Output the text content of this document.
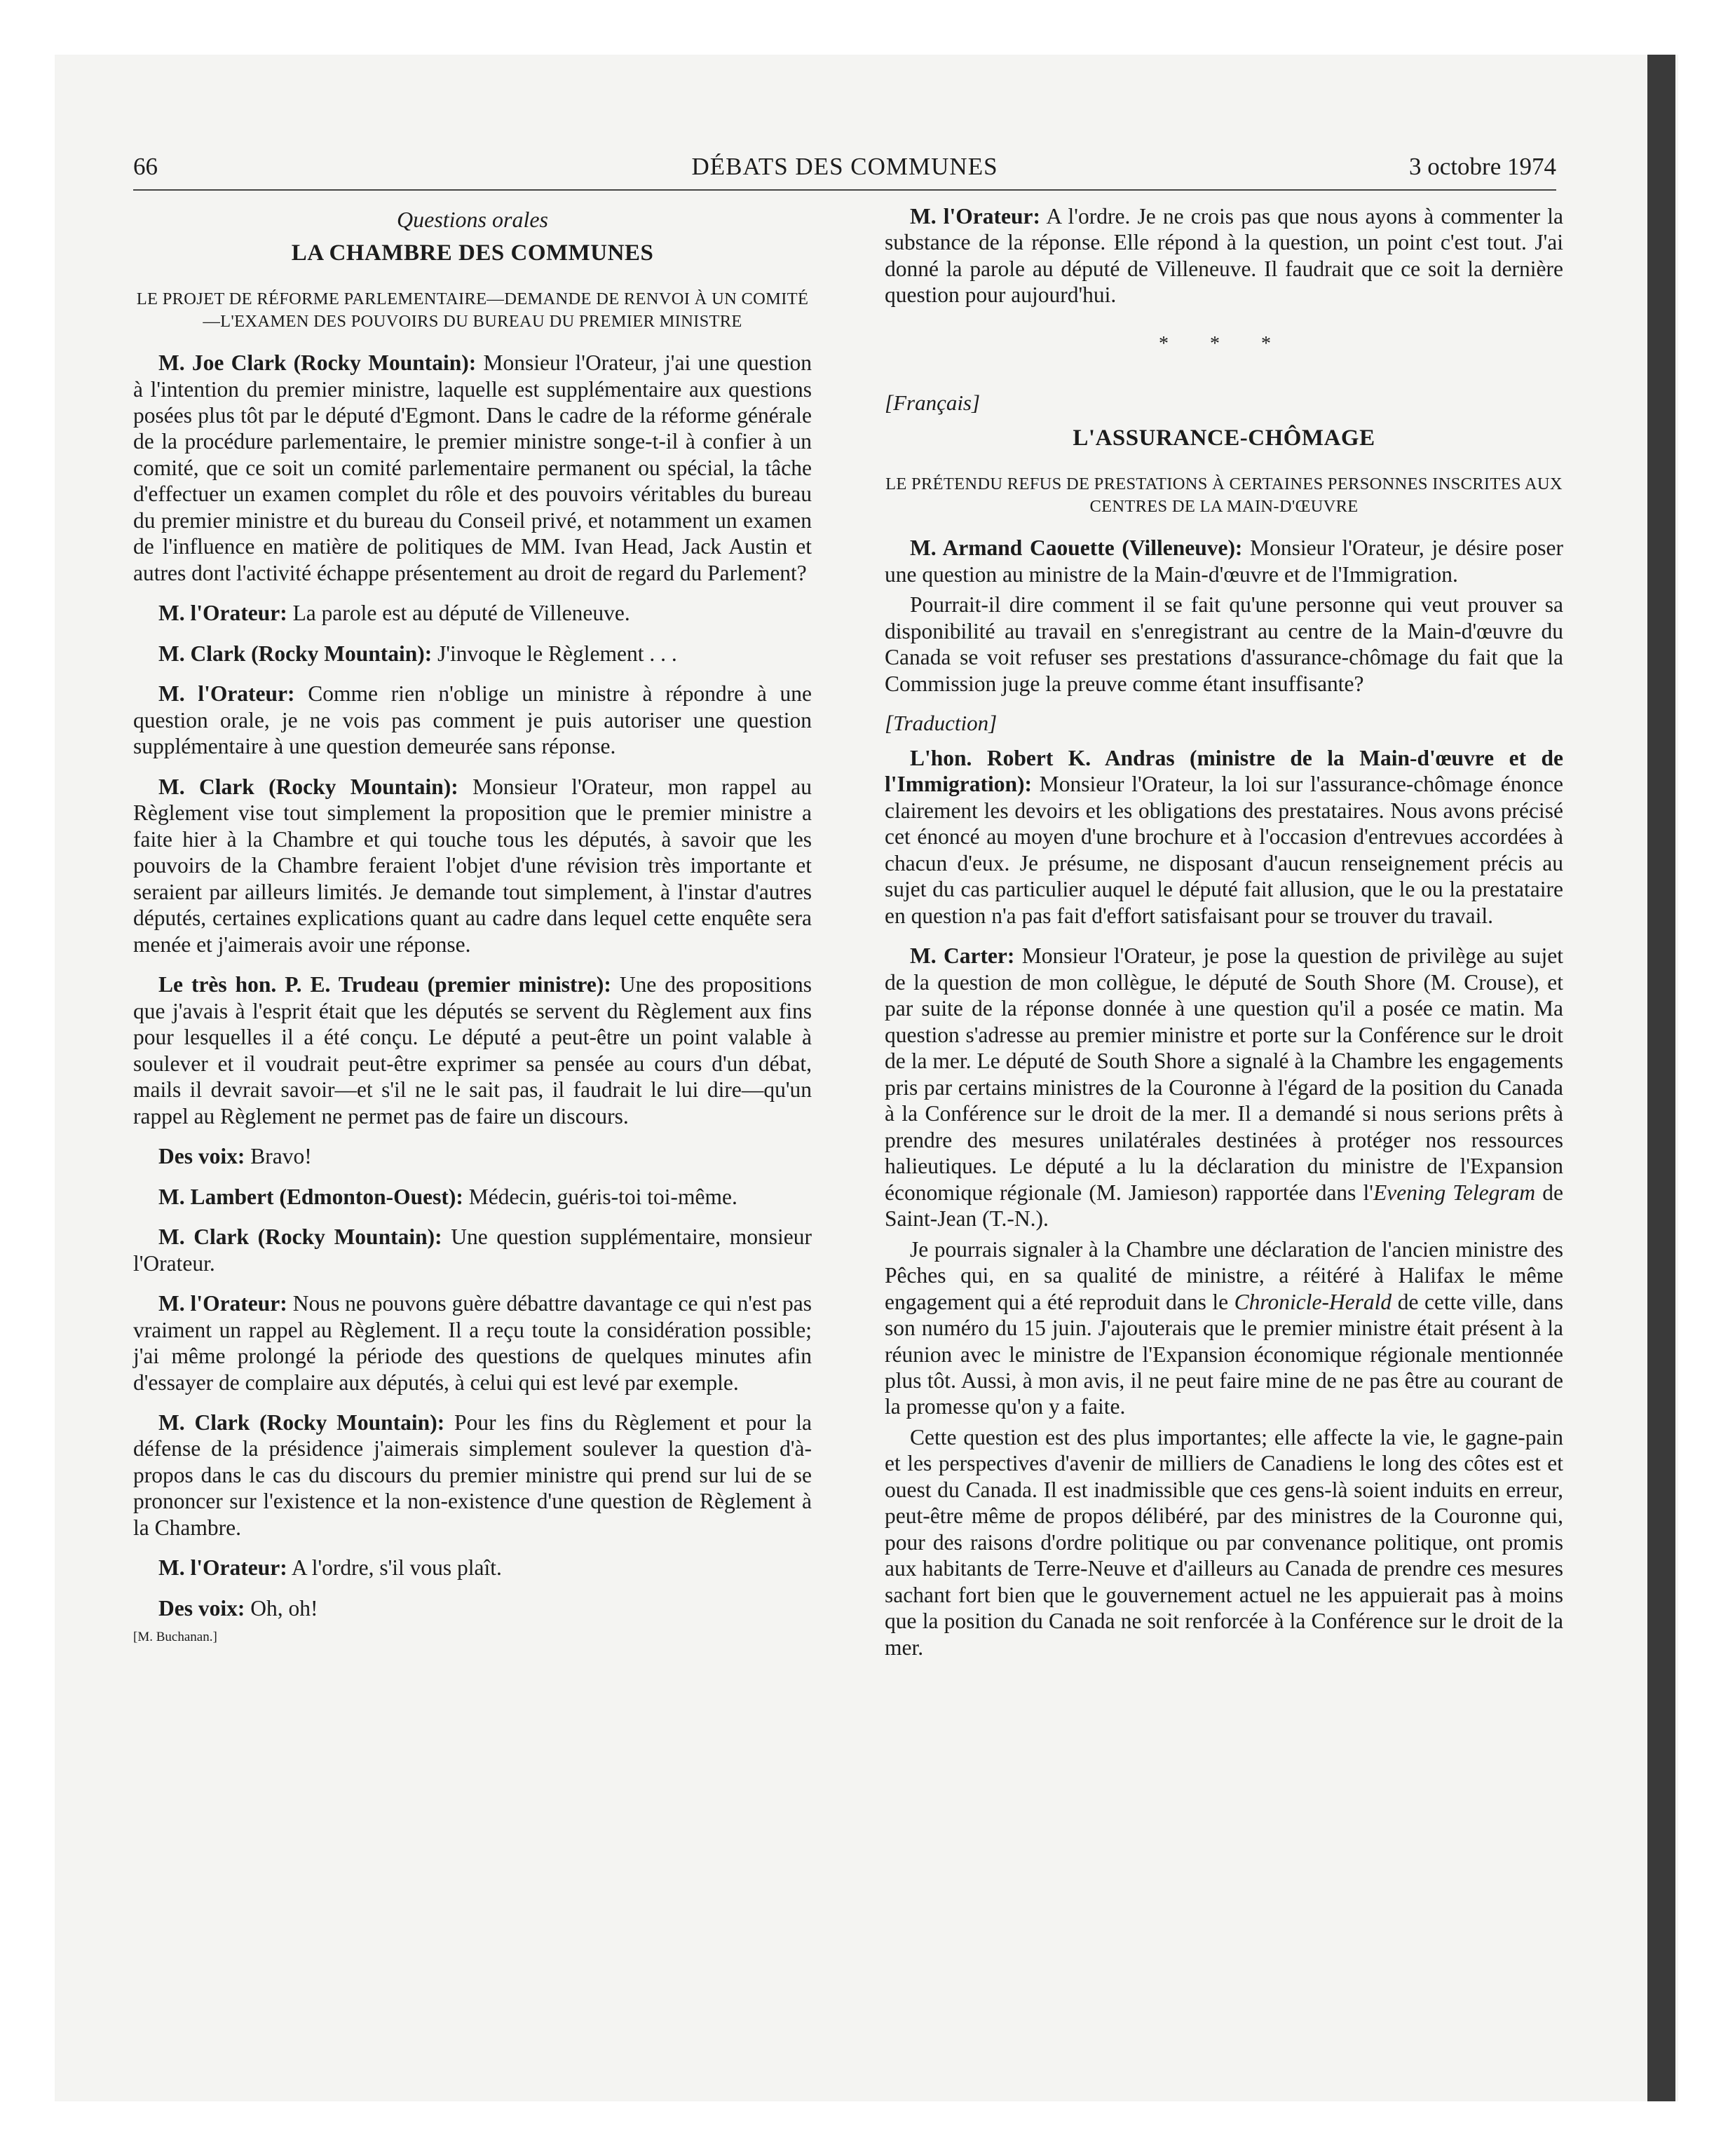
66	DÉBATS DES COMMUNES	3 octobre 1974

Questions orales

LA CHAMBRE DES COMMUNES

LE PROJET DE RÉFORME PARLEMENTAIRE—DEMANDE DE RENVOI À UN COMITÉ—L'EXAMEN DES POUVOIRS DU BUREAU DU PREMIER MINISTRE

M. Joe Clark (Rocky Mountain): Monsieur l'Orateur, j'ai une question à l'intention du premier ministre, laquelle est supplémentaire aux questions posées plus tôt par le député d'Egmont. Dans le cadre de la réforme générale de la procédure parlementaire, le premier ministre songe-t-il à confier à un comité, que ce soit un comité parlementaire permanent ou spécial, la tâche d'effectuer un examen complet du rôle et des pouvoirs véritables du bureau du premier ministre et du bureau du Conseil privé, et notamment un examen de l'influence en matière de politiques de MM. Ivan Head, Jack Austin et autres dont l'activité échappe présentement au droit de regard du Parlement?

M. l'Orateur: La parole est au député de Villeneuve.

M. Clark (Rocky Mountain): J'invoque le Règlement . . .

M. l'Orateur: Comme rien n'oblige un ministre à répondre à une question orale, je ne vois pas comment je puis autoriser une question supplémentaire à une question demeurée sans réponse.

M. Clark (Rocky Mountain): Monsieur l'Orateur, mon rappel au Règlement vise tout simplement la proposition que le premier ministre a faite hier à la Chambre et qui touche tous les députés, à savoir que les pouvoirs de la Chambre feraient l'objet d'une révision très importante et seraient par ailleurs limités. Je demande tout simplement, à l'instar d'autres députés, certaines explications quant au cadre dans lequel cette enquête sera menée et j'aimerais avoir une réponse.

Le très hon. P. E. Trudeau (premier ministre): Une des propositions que j'avais à l'esprit était que les députés se servent du Règlement aux fins pour lesquelles il a été conçu. Le député a peut-être un point valable à soulever et il voudrait peut-être exprimer sa pensée au cours d'un débat, mails il devrait savoir—et s'il ne le sait pas, il faudrait le lui dire—qu'un rappel au Règlement ne permet pas de faire un discours.

Des voix: Bravo!

M. Lambert (Edmonton-Ouest): Médecin, guéris-toi toi-même.

M. Clark (Rocky Mountain): Une question supplémentaire, monsieur l'Orateur.

M. l'Orateur: Nous ne pouvons guère débattre davantage ce qui n'est pas vraiment un rappel au Règlement. Il a reçu toute la considération possible; j'ai même prolongé la période des questions de quelques minutes afin d'essayer de complaire aux députés, à celui qui est levé par exemple.

M. Clark (Rocky Mountain): Pour les fins du Règlement et pour la défense de la présidence j'aimerais simplement soulever la question d'à-propos dans le cas du discours du premier ministre qui prend sur lui de se prononcer sur l'existence et la non-existence d'une question de Règlement à la Chambre.

M. l'Orateur: A l'ordre, s'il vous plaît.

Des voix: Oh, oh!

[M. Buchanan.]

M. l'Orateur: A l'ordre. Je ne crois pas que nous ayons à commenter la substance de la réponse. Elle répond à la question, un point c'est tout. J'ai donné la parole au député de Villeneuve. Il faudrait que ce soit la dernière question pour aujourd'hui.

* * *

[Français]

L'ASSURANCE-CHÔMAGE

LE PRÉTENDU REFUS DE PRESTATIONS À CERTAINES PERSONNES INSCRITES AUX CENTRES DE LA MAIN-D'ŒUVRE

M. Armand Caouette (Villeneuve): Monsieur l'Orateur, je désire poser une question au ministre de la Main-d'œuvre et de l'Immigration.

Pourrait-il dire comment il se fait qu'une personne qui veut prouver sa disponibilité au travail en s'enregistrant au centre de la Main-d'œuvre du Canada se voit refuser ses prestations d'assurance-chômage du fait que la Commission juge la preuve comme étant insuffisante?

[Traduction]

L'hon. Robert K. Andras (ministre de la Main-d'œuvre et de l'Immigration): Monsieur l'Orateur, la loi sur l'assurance-chômage énonce clairement les devoirs et les obligations des prestataires. Nous avons précisé cet énoncé au moyen d'une brochure et à l'occasion d'entrevues accordées à chacun d'eux. Je présume, ne disposant d'aucun renseignement précis au sujet du cas particulier auquel le député fait allusion, que le ou la prestataire en question n'a pas fait d'effort satisfaisant pour se trouver du travail.

M. Carter: Monsieur l'Orateur, je pose la question de privilège au sujet de la question de mon collègue, le député de South Shore (M. Crouse), et par suite de la réponse donnée à une question qu'il a posée ce matin. Ma question s'adresse au premier ministre et porte sur la Conférence sur le droit de la mer. Le député de South Shore a signalé à la Chambre les engagements pris par certains ministres de la Couronne à l'égard de la position du Canada à la Conférence sur le droit de la mer. Il a demandé si nous serions prêts à prendre des mesures unilatérales destinées à protéger nos ressources halieutiques. Le député a lu la déclaration du ministre de l'Expansion économique régionale (M. Jamieson) rapportée dans l'Evening Telegram de Saint-Jean (T.-N.).

Je pourrais signaler à la Chambre une déclaration de l'ancien ministre des Pêches qui, en sa qualité de ministre, a réitéré à Halifax le même engagement qui a été reproduit dans le Chronicle-Herald de cette ville, dans son numéro du 15 juin. J'ajouterais que le premier ministre était présent à la réunion avec le ministre de l'Expansion économique régionale mentionnée plus tôt. Aussi, à mon avis, il ne peut faire mine de ne pas être au courant de la promesse qu'on y a faite.

Cette question est des plus importantes; elle affecte la vie, le gagne-pain et les perspectives d'avenir de milliers de Canadiens le long des côtes est et ouest du Canada. Il est inadmissible que ces gens-là soient induits en erreur, peut-être même de propos délibéré, par des ministres de la Couronne qui, pour des raisons d'ordre politique ou par convenance politique, ont promis aux habitants de Terre-Neuve et d'ailleurs au Canada de prendre ces mesures sachant fort bien que le gouvernement actuel ne les appuierait pas à moins que la position du Canada ne soit renforcée à la Conférence sur le droit de la mer.
